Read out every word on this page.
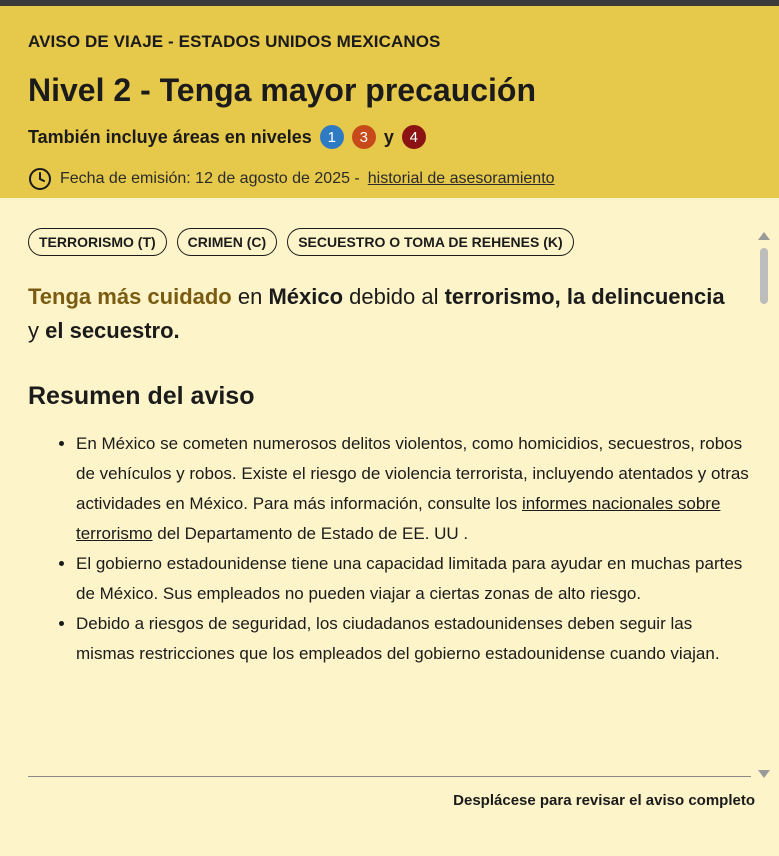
AVISO DE VIAJE - ESTADOS UNIDOS MEXICANOS
Nivel 2 - Tenga mayor precaución
También incluye áreas en niveles	1	3 y	4
Fecha de emisión: 12 de agosto de 2025 - historial de asesoramiento
TERRORISMO (T)	CRIMEN (C)	SECUESTRO O TOMA DE REHENES (K)
Tenga más cuidado en México debido al terrorismo, la delincuencia y el secuestro.
Resumen del aviso
• En México se cometen numerosos delitos violentos, como homicidios, secuestros, robos de vehículos y robos. Existe el riesgo de violencia terrorista, incluyendo atentados y otras actividades en México. Para más información, consulte los informes nacionales sobre terrorismo del Departamento de Estado de EE. UU .
• El gobierno estadounidense tiene una capacidad limitada para ayudar en muchas partes de México. Sus empleados no pueden viajar a ciertas zonas de alto riesgo.
• Debido a riesgos de seguridad, los ciudadanos estadounidenses deben seguir las mismas restricciones que los empleados del gobierno estadounidense cuando viajan.
Desplácese para revisar el aviso completo
